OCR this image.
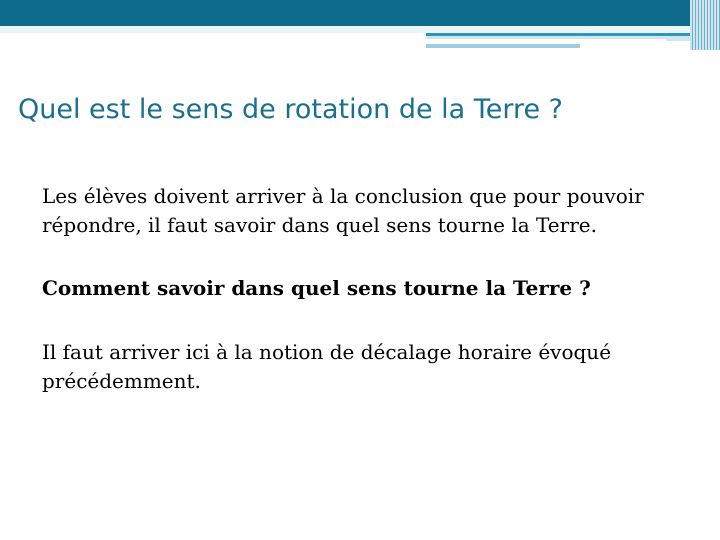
Quel est le sens de rotation de la Terre ?

Les élèves doivent arriver à la conclusion que pour pouvoir répondre, il faut savoir dans quel sens tourne la Terre.

Comment savoir dans quel sens tourne la Terre ?

Il faut arriver ici à la notion de décalage horaire évoqué précédemment.
